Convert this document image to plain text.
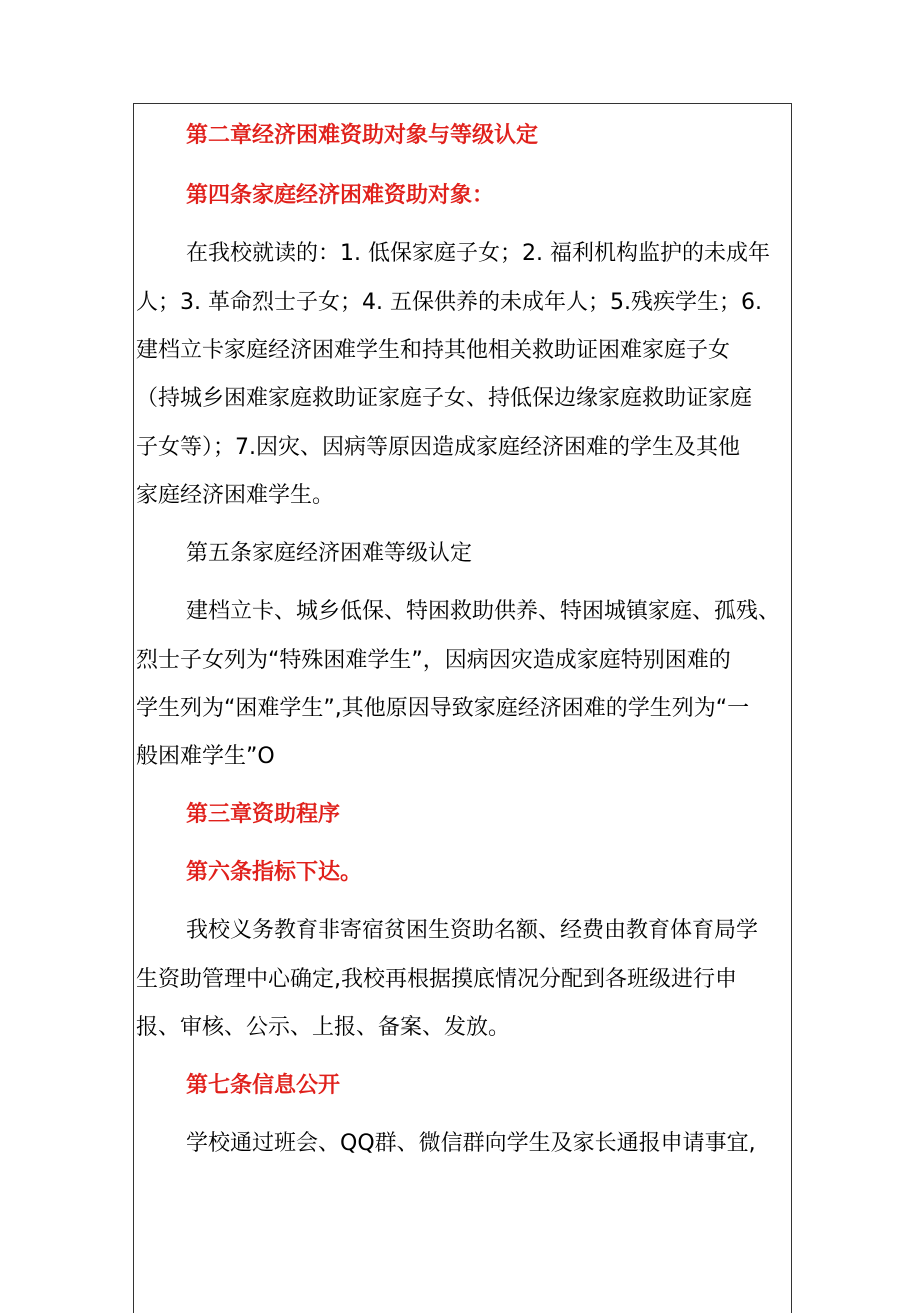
第二章经济困难资助对象与等级认定
第四条家庭经济困难资助对象：
在我校就读的：1. 低保家庭子女；2. 福利机构监护的未成年
人；3. 革命烈士子女；4. 五保供养的未成年人；5.残疾学生；6.
建档立卡家庭经济困难学生和持其他相关救助证困难家庭子女
（持城乡困难家庭救助证家庭子女、持低保边缘家庭救助证家庭
子女等）；7.因灾、因病等原因造成家庭经济困难的学生及其他
家庭经济困难学生。
第五条家庭经济困难等级认定
建档立卡、城乡低保、特困救助供养、特困城镇家庭、孤残、
烈士子女列为“特殊困难学生”，因病因灾造成家庭特别困难的
学生列为“困难学生”,其他原因导致家庭经济困难的学生列为“一
般困难学生”O
第三章资助程序
第六条指标下达。
我校义务教育非寄宿贫困生资助名额、经费由教育体育局学
生资助管理中心确定,我校再根据摸底情况分配到各班级进行申
报、审核、公示、上报、备案、发放。
第七条信息公开
学校通过班会、QQ群、微信群向学生及家长通报申请事宜,
